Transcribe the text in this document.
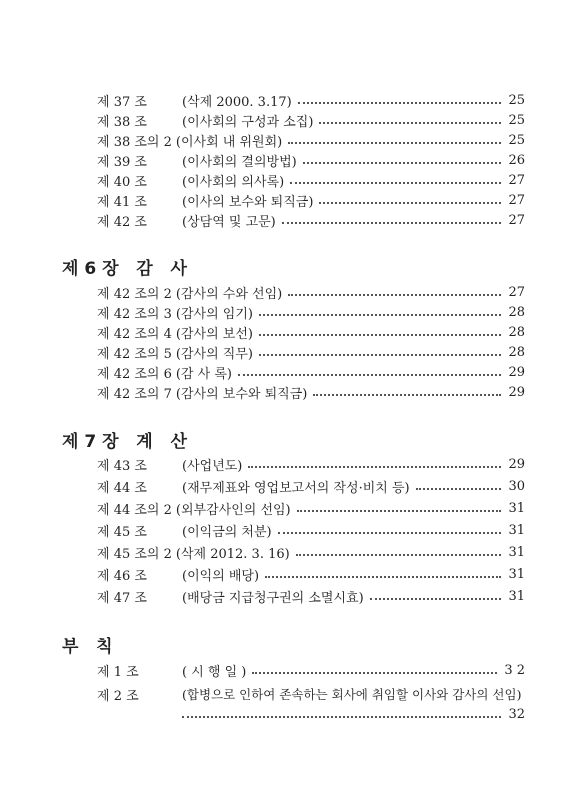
제 37 조	(삭제 2000. 3.17)	25
제 38 조	(이사회의 구성과 소집)	25
제 38 조의 2 (이사회 내 위원회)	25
제 39 조	(이사회의 결의방법)	26
제 40 조	(이사회의 의사록)	27
제 41 조	(이사의 보수와 퇴직금)	27
제 42 조	(상담역 및 고문)	27
제 6 장   감   사
제 42 조의 2 (감사의 수와 선임)	27
제 42 조의 3 (감사의 임기)	28
제 42 조의 4 (감사의 보선)	28
제 42 조의 5 (감사의 직무)	28
제 42 조의 6 (감 사 록)	29
제 42 조의 7 (감사의 보수와 퇴직금)	29
제 7 장   계   산
제 43 조	(사업년도)	29
제 44 조	(재무제표와 영업보고서의 작성·비치 등)	30
제 44 조의 2 (외부감사인의 선임)	31
제 45 조	(이익금의 처분)	31
제 45 조의 2 (삭제 2012. 3. 16)	31
제 46 조	(이익의 배당)	31
제 47 조	(배당금 지급청구권의 소멸시효)	31
부   칙
제 1 조	( 시 행 일 )	3 2
제 2 조	(합병으로 인하여 존속하는 회사에 취임할 이사와 감사의 선임)
32
